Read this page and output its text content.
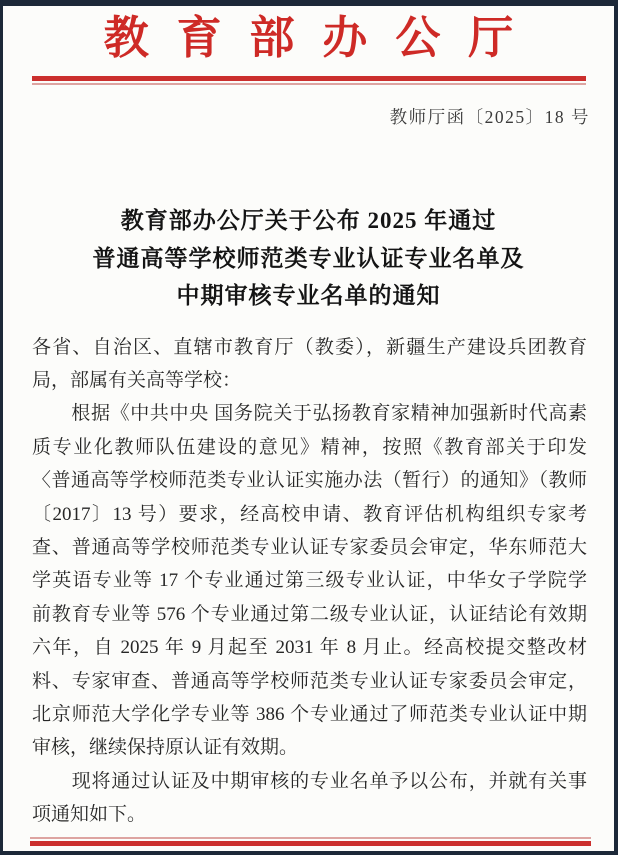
教育部办公厅
教师厅函〔2025〕18 号
教育部办公厅关于公布 2025 年通过
普通高等学校师范类专业认证专业名单及
中期审核专业名单的通知
各省、自治区、直辖市教育厅（教委），新疆生产建设兵团教育
局，部属有关高等学校：
　　根据《中共中央 国务院关于弘扬教育家精神加强新时代高素
质专业化教师队伍建设的意见》精神，按照《教育部关于印发
〈普通高等学校师范类专业认证实施办法（暂行）的通知》（教师
〔2017〕13 号）要求，经高校申请、教育评估机构组织专家考
查、普通高等学校师范类专业认证专家委员会审定，华东师范大
学英语专业等 17 个专业通过第三级专业认证，中华女子学院学
前教育专业等 576 个专业通过第二级专业认证，认证结论有效期
六年，自 2025 年 9 月起至 2031 年 8 月止。经高校提交整改材
料、专家审查、普通高等学校师范类专业认证专家委员会审定，
北京师范大学化学专业等 386 个专业通过了师范类专业认证中期
审核，继续保持原认证有效期。
　　现将通过认证及中期审核的专业名单予以公布，并就有关事
项通知如下。
